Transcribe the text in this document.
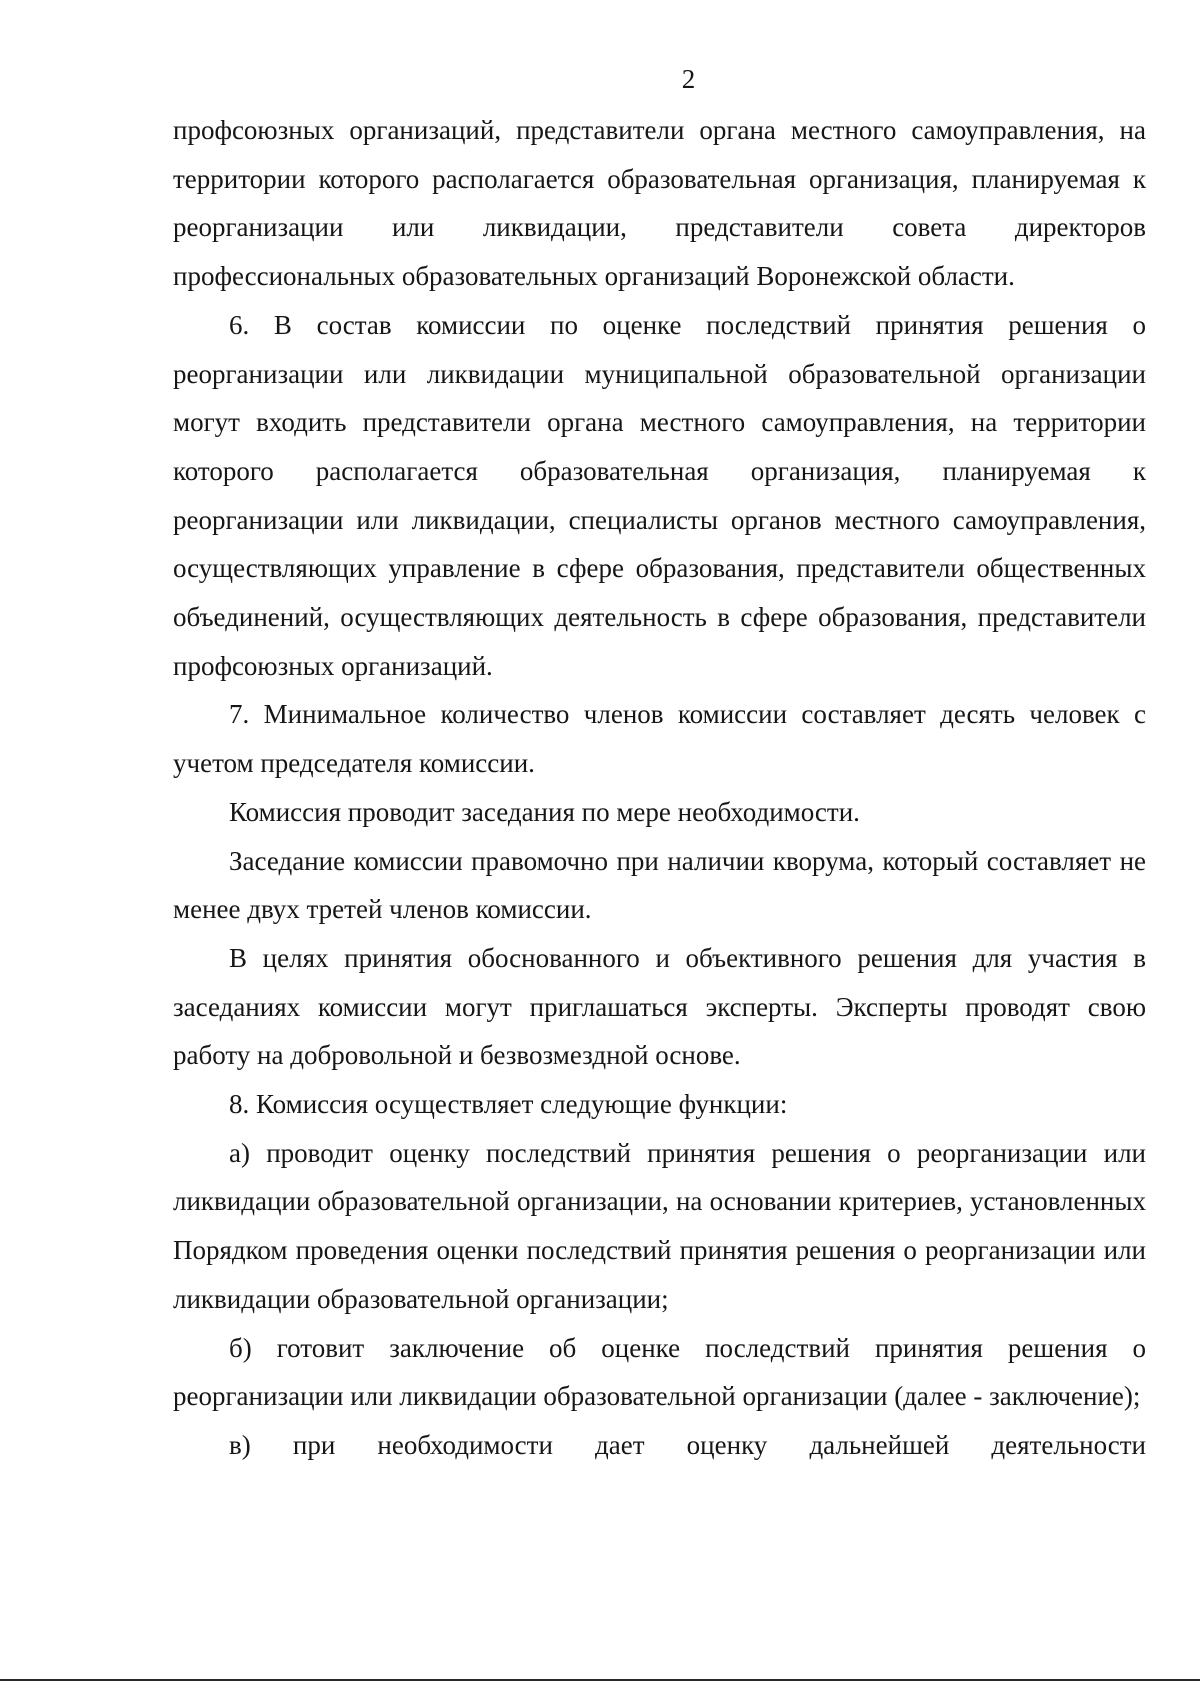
2

профсоюзных организаций, представители органа местного самоуправления, на территории которого располагается образовательная организация, планируемая к реорганизации или ликвидации, представители совета директоров профессиональных образовательных организаций Воронежской области.

6. В состав комиссии по оценке последствий принятия решения о реорганизации или ликвидации муниципальной образовательной организации могут входить представители органа местного самоуправления, на территории которого располагается образовательная организация, планируемая к реорганизации или ликвидации, специалисты органов местного самоуправления, осуществляющих управление в сфере образования, представители общественных объединений, осуществляющих деятельность в сфере образования, представители профсоюзных организаций.

7. Минимальное количество членов комиссии составляет десять человек с учетом председателя комиссии.

Комиссия проводит заседания по мере необходимости.

Заседание комиссии правомочно при наличии кворума, который составляет не менее двух третей членов комиссии.

В целях принятия обоснованного и объективного решения для участия в заседаниях комиссии могут приглашаться эксперты. Эксперты проводят свою работу на добровольной и безвозмездной основе.

8. Комиссия осуществляет следующие функции:

а) проводит оценку последствий принятия решения о реорганизации или ликвидации образовательной организации, на основании критериев, установленных Порядком проведения оценки последствий принятия решения о реорганизации или ликвидации образовательной организации;

б) готовит заключение об оценке последствий принятия решения о реорганизации или ликвидации образовательной организации (далее - заключение);

в) при необходимости дает оценку дальнейшей деятельности
